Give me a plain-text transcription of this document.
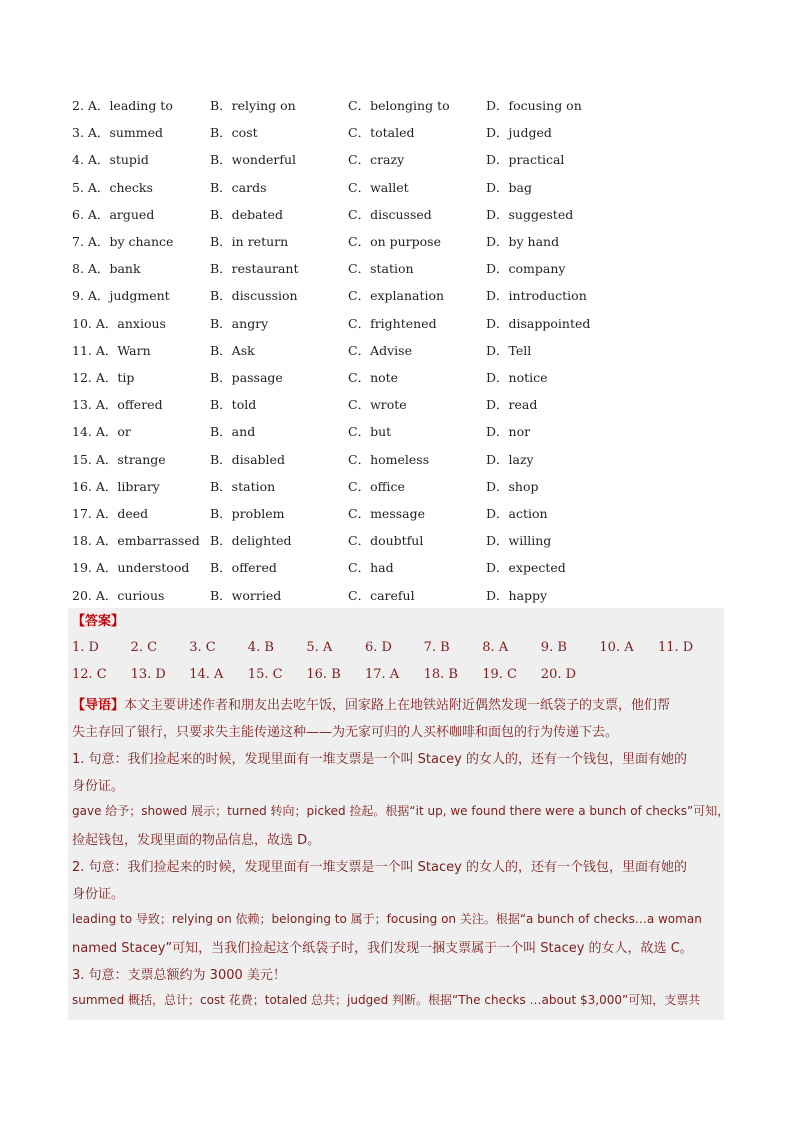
2. A．leading to	B．relying on	C．belonging to	D．focusing on
3. A．summed	B．cost	C．totaled	D．judged
4. A．stupid	B．wonderful	C．crazy	D．practical
5. A．checks	B．cards	C．wallet	D．bag
6. A．argued	B．debated	C．discussed	D．suggested
7. A．by chance	B．in return	C．on purpose	D．by hand
8. A．bank	B．restaurant	C．station	D．company
9. A．judgment	B．discussion	C．explanation	D．introduction
10. A．anxious	B．angry	C．frightened	D．disappointed
11. A．Warn	B．Ask	C．Advise	D．Tell
12. A．tip	B．passage	C．note	D．notice
13. A．offered	B．told	C．wrote	D．read
14. A．or	B．and	C．but	D．nor
15. A．strange	B．disabled	C．homeless	D．lazy
16. A．library	B．station	C．office	D．shop
17. A．deed	B．problem	C．message	D．action
18. A．embarrassed B．delighted	C．doubtful	D．willing
19. A．understood B．offered	C．had	D．expected
20. A．curious	B．worried	C．careful	D．happy
【答案】
1. D 2. C 3. C 4. B	5. A	6. D 7. B	8. A	9. B	10. A 11. D
12. C 13. D 14. A 15. C 16. B 17. A 18. B 19. C 20. D
【导语】本文主要讲述作者和朋友出去吃午饭，回家路上在地铁站附近偶然发现一纸袋子的支票，他们帮
失主存回了银行，只要求失主能传递这种——为无家可归的人买杯咖啡和面包的行为传递下去。
1. 句意：我们捡起来的时候，发现里面有一堆支票是一个叫 Stacey 的女人的，还有一个钱包，里面有她的
身份证。
gave 给予；showed 展示；turned 转向；picked 捡起。根据“it up, we found there were a bunch of checks”可知，
捡起钱包，发现里面的物品信息，故选 D。
2. 句意：我们捡起来的时候，发现里面有一堆支票是一个叫 Stacey 的女人的，还有一个钱包，里面有她的
身份证。
leading to 导致；relying on 依赖；belonging to 属于；focusing on 关注。根据“a bunch of checks…a woman
named Stacey”可知，当我们捡起这个纸袋子时，我们发现一捆支票属于一个叫 Stacey 的女人，故选 C。
3. 句意：支票总额约为 3000 美元！
summed 概括，总计；cost 花费；totaled 总共；judged 判断。根据“The checks …about $3,000”可知，支票共
